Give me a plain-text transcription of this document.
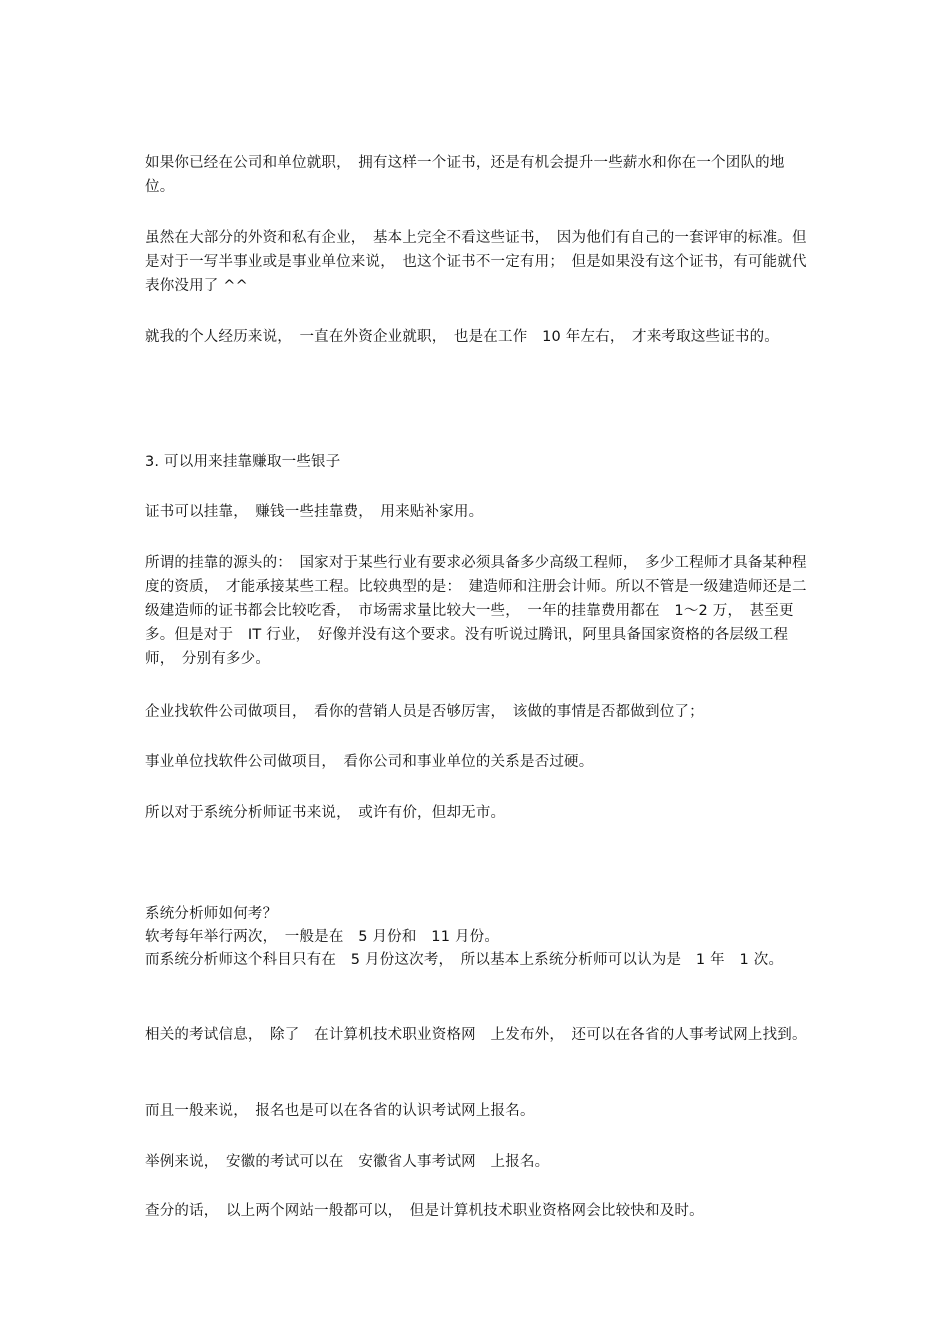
如果你已经在公司和单位就职，　拥有这样一个证书，还是有机会提升一些薪水和你在一个团队的地位。

虽然在大部分的外资和私有企业，　基本上完全不看这些证书，　因为他们有自己的一套评审的标准。但是对于一写半事业或是事业单位来说，　也这个证书不一定有用；　但是如果没有这个证书，有可能就代表你没用了 ^^

就我的个人经历来说，　一直在外资企业就职，　也是在工作　10 年左右，　才来考取这些证书的。

3. 可以用来挂靠赚取一些银子

证书可以挂靠，　赚钱一些挂靠费，　用来贴补家用。

所谓的挂靠的源头的：　国家对于某些行业有要求必须具备多少高级工程师，　多少工程师才具备某种程度的资质，　才能承接某些工程。比较典型的是：　建造师和注册会计师。所以不管是一级建造师还是二级建造师的证书都会比较吃香，　市场需求量比较大一些，　一年的挂靠费用都在　1～2 万，　甚至更多。但是对于　IT 行业，　好像并没有这个要求。没有听说过腾讯，阿里具备国家资格的各层级工程师，　分别有多少。

企业找软件公司做项目，　看你的营销人员是否够厉害，　该做的事情是否都做到位了；

事业单位找软件公司做项目，　看你公司和事业单位的关系是否过硬。

所以对于系统分析师证书来说，　或许有价，但却无市。

系统分析师如何考？

软考每年举行两次，　一般是在　5 月份和　11 月份。

而系统分析师这个科目只有在　5 月份这次考，　所以基本上系统分析师可以认为是　1 年　1 次。

相关的考试信息，　除了　在计算机技术职业资格网　上发布外，　还可以在各省的人事考试网上找到。

而且一般来说，　报名也是可以在各省的认识考试网上报名。

举例来说，　安徽的考试可以在　安徽省人事考试网　上报名。

查分的话，　以上两个网站一般都可以，　但是计算机技术职业资格网会比较快和及时。
